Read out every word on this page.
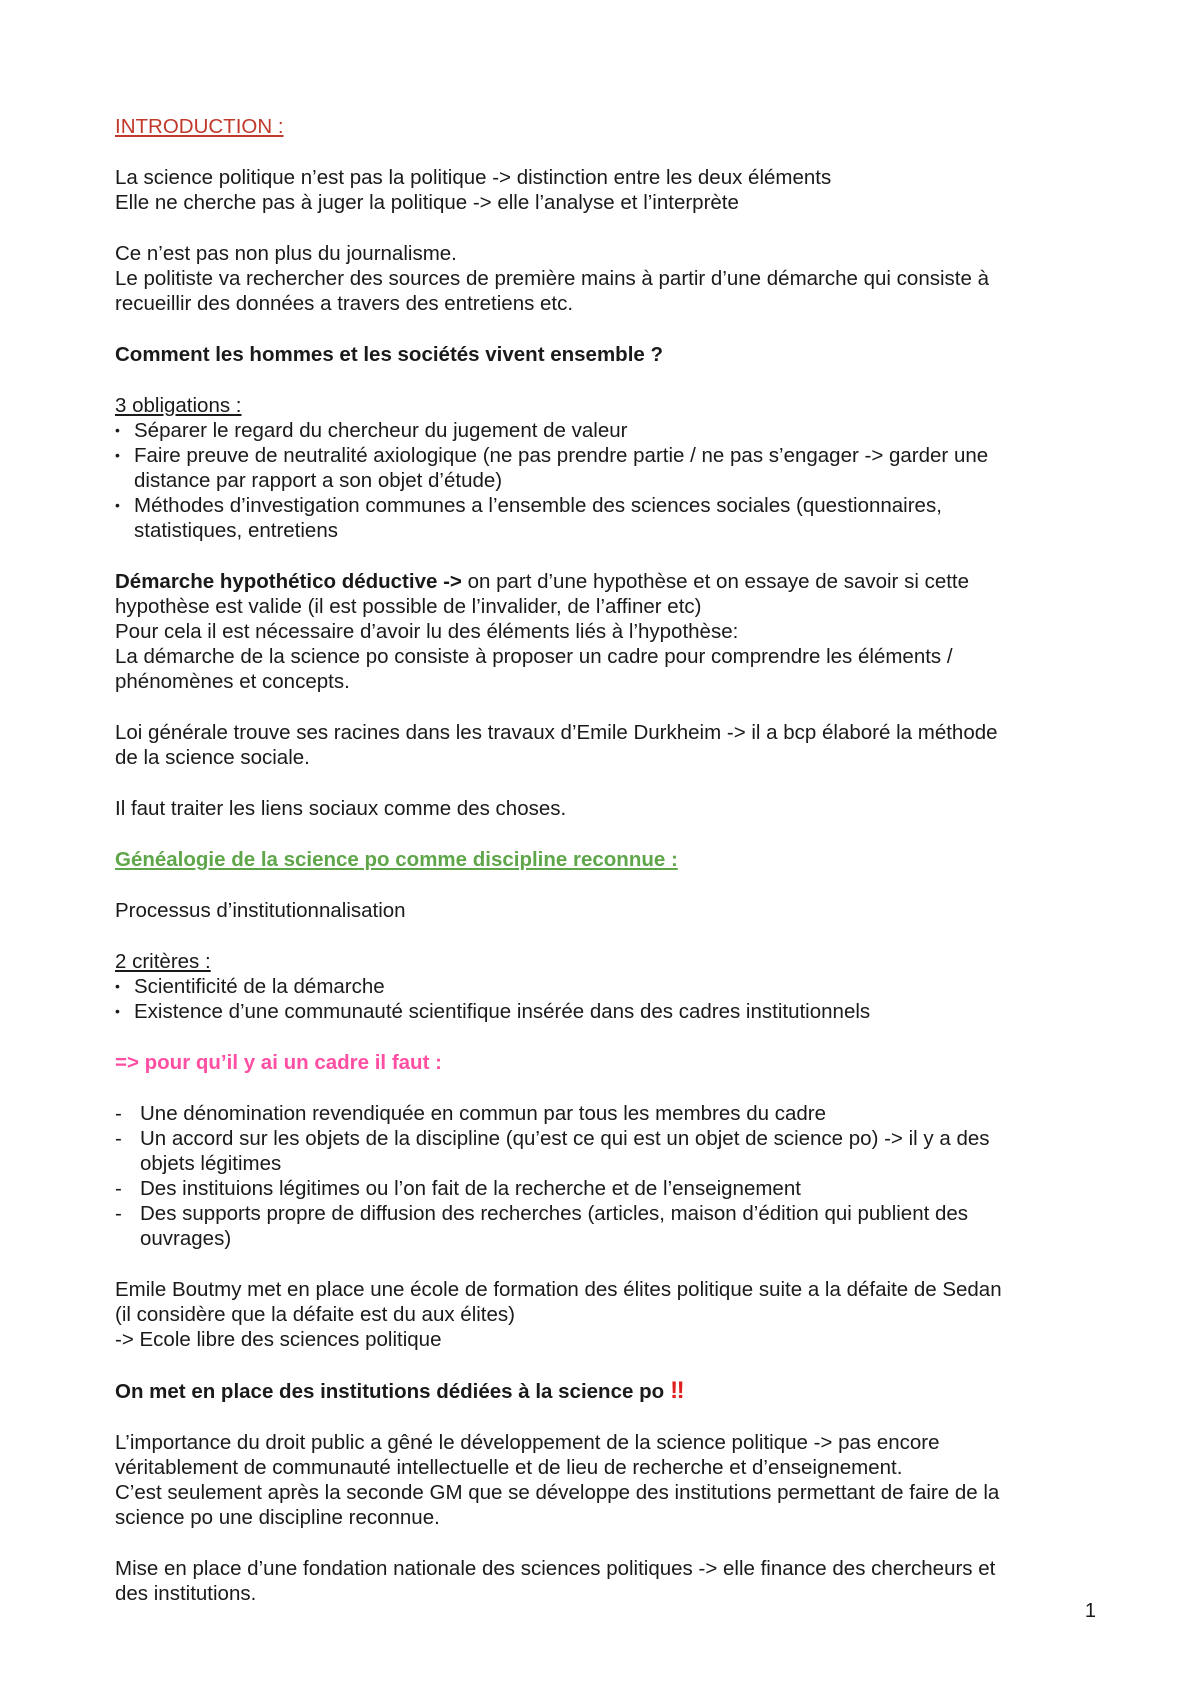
INTRODUCTION :

La science politique n’est pas la politique -> distinction entre les deux éléments

Elle ne cherche pas à juger la politique -> elle l’analyse et l’interprète

Ce n’est pas non plus du journalisme.

Le politiste va rechercher des sources de première mains à partir d’une démarche qui consiste à

recueillir des données a travers des entretiens etc.

Comment les hommes et les sociétés vivent ensemble ?

3 obligations :

• Séparer le regard du chercheur du jugement de valeur
• Faire preuve de neutralité axiologique (ne pas prendre partie / ne pas s’engager -> garder une
distance par rapport a son objet d’étude)
• Méthodes d’investigation communes a l’ensemble des sciences sociales (questionnaires,
statistiques, entretiens

Démarche hypothético déductive -> on part d’une hypothèse et on essaye de savoir si cette

hypothèse est valide (il est possible de l’invalider, de l’affiner etc)

Pour cela il est nécessaire d’avoir lu des éléments liés à l’hypothèse:

La démarche de la science po consiste à proposer un cadre pour comprendre les éléments /

phénomènes et concepts.

Loi générale trouve ses racines dans les travaux d’Emile Durkheim -> il a bcp élaboré la méthode

de la science sociale.

Il faut traiter les liens sociaux comme des choses.

Généalogie de la science po comme discipline reconnue :

Processus d’institutionnalisation

2 critères :

• Scientificité de la démarche
• Existence d’une communauté scientifique insérée dans des cadres institutionnels

=> pour qu’il y ai un cadre il faut :

- Une dénomination revendiquée en commun par tous les membres du cadre
- Un accord sur les objets de la discipline (qu’est ce qui est un objet de science po) -> il y a des
objets légitimes
- Des instituions légitimes ou l’on fait de la recherche et de l’enseignement
- Des supports propre de diffusion des recherches (articles, maison d’édition qui publient des
ouvrages)

Emile Boutmy met en place une école de formation des élites politique suite a la défaite de Sedan

(il considère que la défaite est du aux élites)

-> Ecole libre des sciences politique

On met en place des institutions dédiées à la science po ‼

L’importance du droit public a gêné le développement de la science politique -> pas encore

véritablement de communauté intellectuelle et de lieu de recherche et d’enseignement.

C’est seulement après la seconde GM que se développe des institutions permettant de faire de la

science po une discipline reconnue.

Mise en place d’une fondation nationale des sciences politiques -> elle finance des chercheurs et

des institutions.

1
